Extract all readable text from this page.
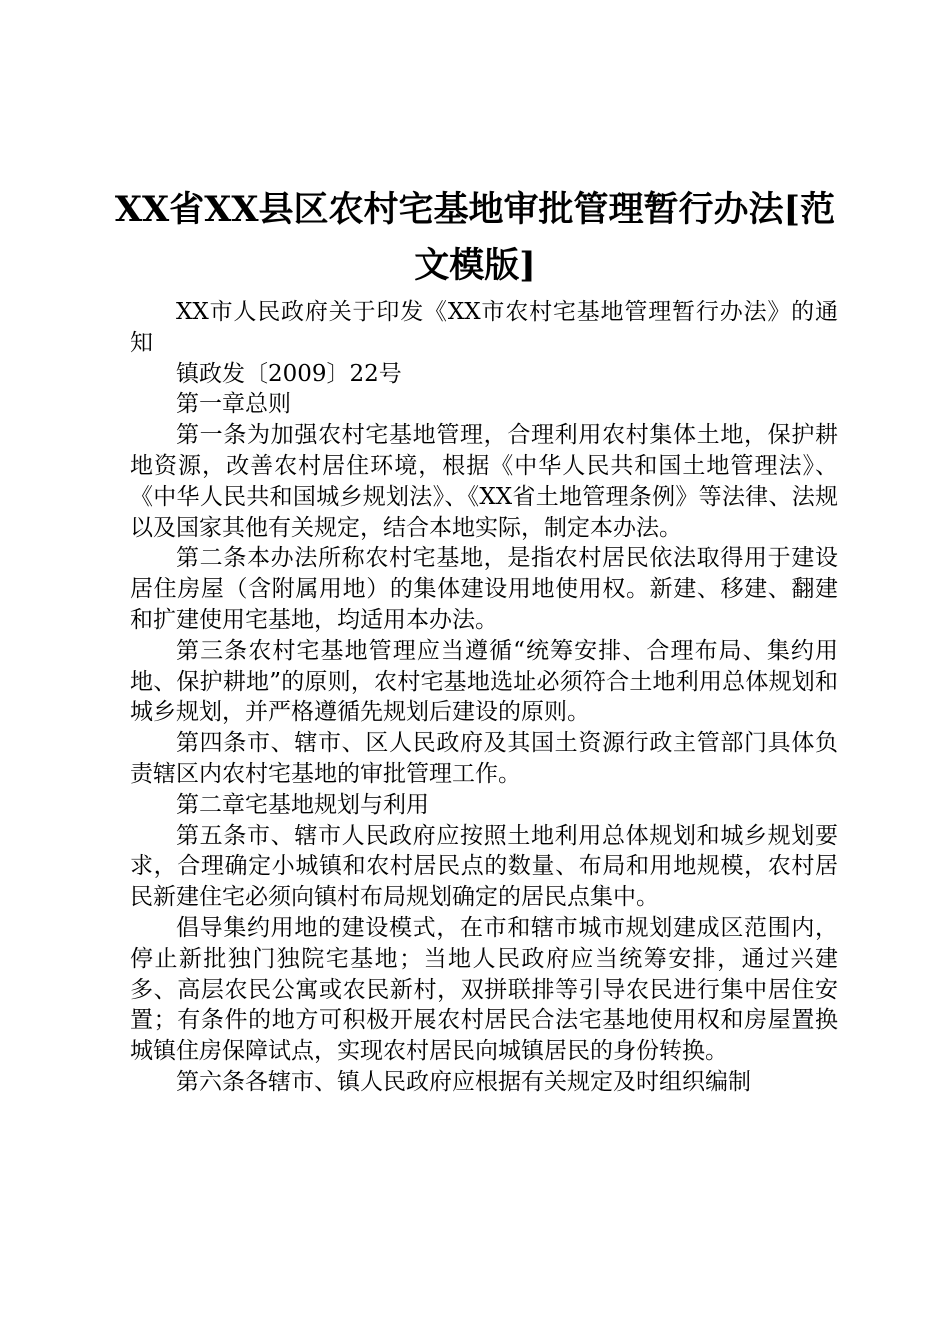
XX省XX县区农村宅基地审批管理暂行办法[范
文模版]

XX市人民政府关于印发《XX市农村宅基地管理暂行办法》的通知

镇政发〔2009〕22号

第一章总则

第一条为加强农村宅基地管理，合理利用农村集体土地，保护耕地资源，改善农村居住环境，根据《中华人民共和国土地管理法》、《中华人民共和国城乡规划法》、《XX省土地管理条例》等法律、法规以及国家其他有关规定，结合本地实际，制定本办法。

第二条本办法所称农村宅基地，是指农村居民依法取得用于建设居住房屋（含附属用地）的集体建设用地使用权。新建、移建、翻建和扩建使用宅基地，均适用本办法。

第三条农村宅基地管理应当遵循“统筹安排、合理布局、集约用地、保护耕地”的原则，农村宅基地选址必须符合土地利用总体规划和城乡规划，并严格遵循先规划后建设的原则。

第四条市、辖市、区人民政府及其国土资源行政主管部门具体负责辖区内农村宅基地的审批管理工作。

第二章宅基地规划与利用

第五条市、辖市人民政府应按照土地利用总体规划和城乡规划要求，合理确定小城镇和农村居民点的数量、布局和用地规模，农村居民新建住宅必须向镇村布局规划确定的居民点集中。

倡导集约用地的建设模式，在市和辖市城市规划建成区范围内，停止新批独门独院宅基地；当地人民政府应当统筹安排，通过兴建多、高层农民公寓或农民新村，双拼联排等引导农民进行集中居住安置；有条件的地方可积极开展农村居民合法宅基地使用权和房屋置换城镇住房保障试点，实现农村居民向城镇居民的身份转换。

第六条各辖市、镇人民政府应根据有关规定及时组织编制
